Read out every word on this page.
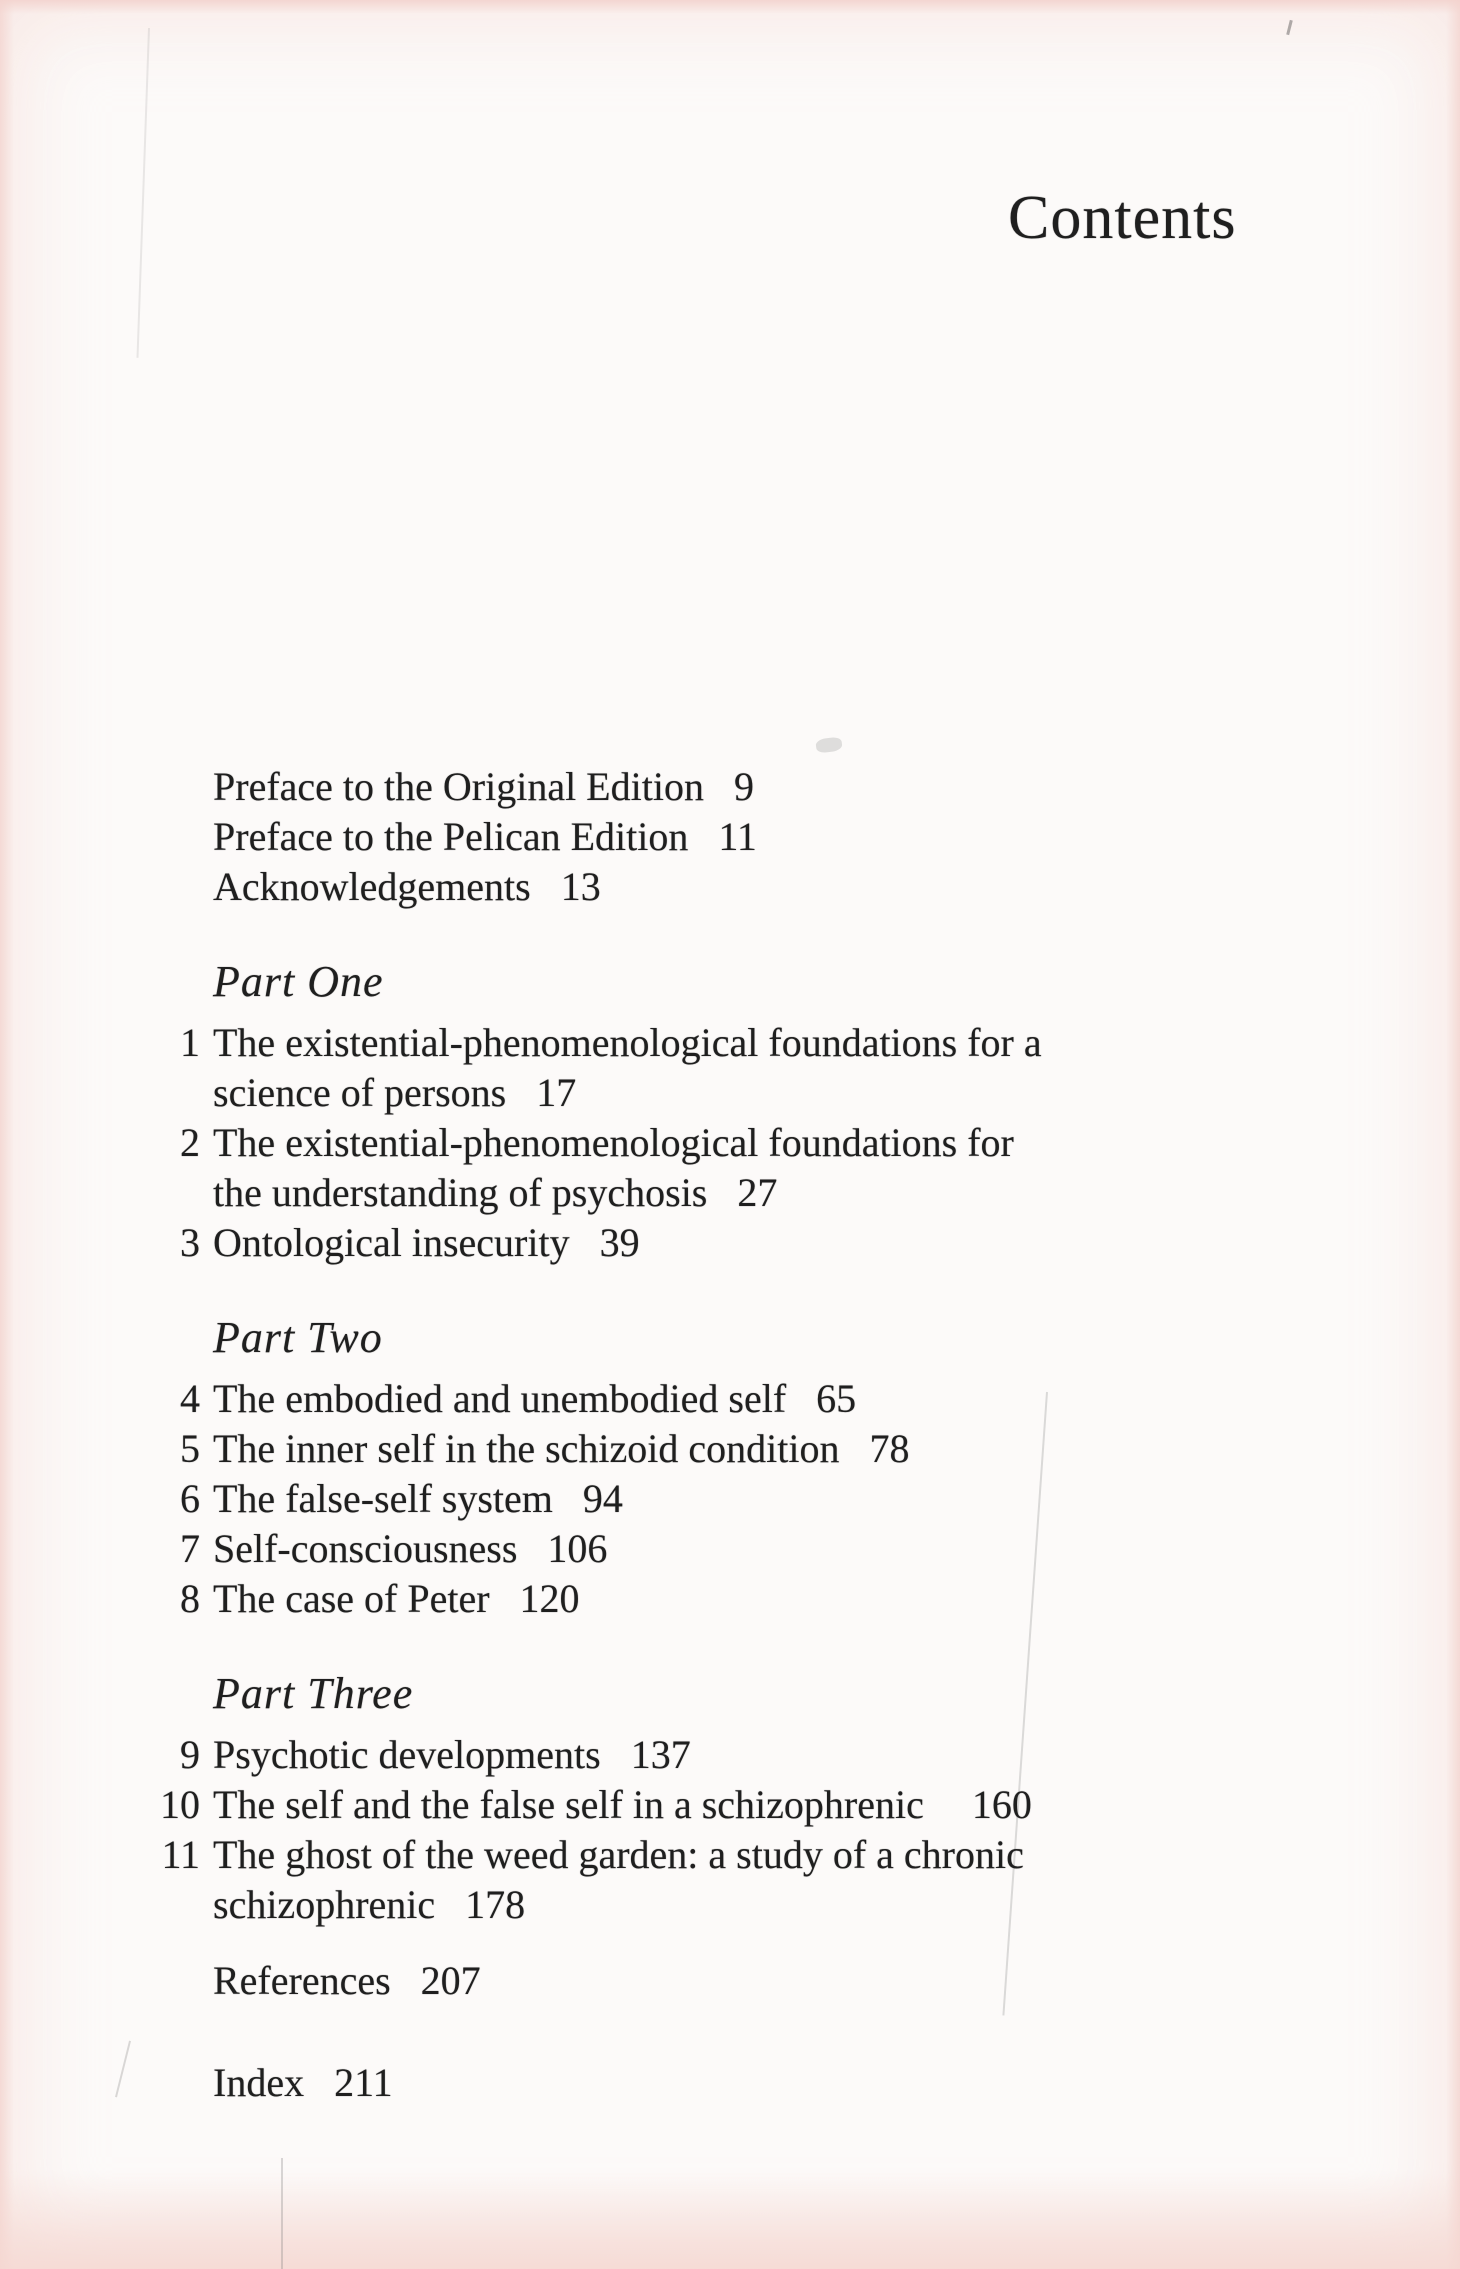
Contents
Preface to the Original Edition 9
Preface to the Pelican Edition 11
Acknowledgements 13
Part One
1 The existential-phenomenological foundations for a
science of persons 17
2 The existential-phenomenological foundations for
the understanding of psychosis 27
3 Ontological insecurity 39
Part Two
4 The embodied and unembodied self 65
5 The inner self in the schizoid condition 78
6 The false-self system 94
7 Self-consciousness 106
8 The case of Peter 120
Part Three
9 Psychotic developments 137
10 The self and the false self in a schizophrenic 160
11 The ghost of the weed garden: a study of a chronic
schizophrenic 178
References 207
Index 211
